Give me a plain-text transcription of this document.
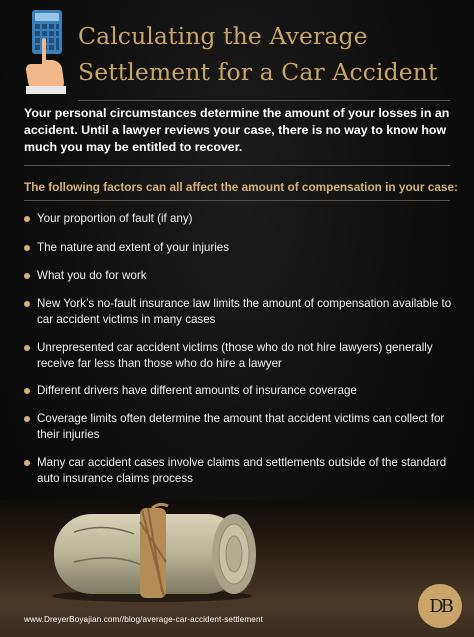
Calculating the Average
Settlement for a Car Accident

Your personal circumstances determine the amount of your losses in an accident. Until a lawyer reviews your case, there is no way to know how much you may be entitled to recover.

The following factors can all affect the amount of compensation in your case:
Your proportion of fault (if any)
The nature and extent of your injuries
What you do for work
New York’s no-fault insurance law limits the amount of compensation available to car accident victims in many cases
Unrepresented car accident victims (those who do not hire lawyers) generally receive far less than those who do hire a lawyer
Different drivers have different amounts of insurance coverage
Coverage limits often determine the amount that accident victims can collect for their injuries
Many car accident cases involve claims and settlements outside of the standard auto insurance claims process
www.DreyerBoyajian.com//blog/average-car-accident-settlement
DB
